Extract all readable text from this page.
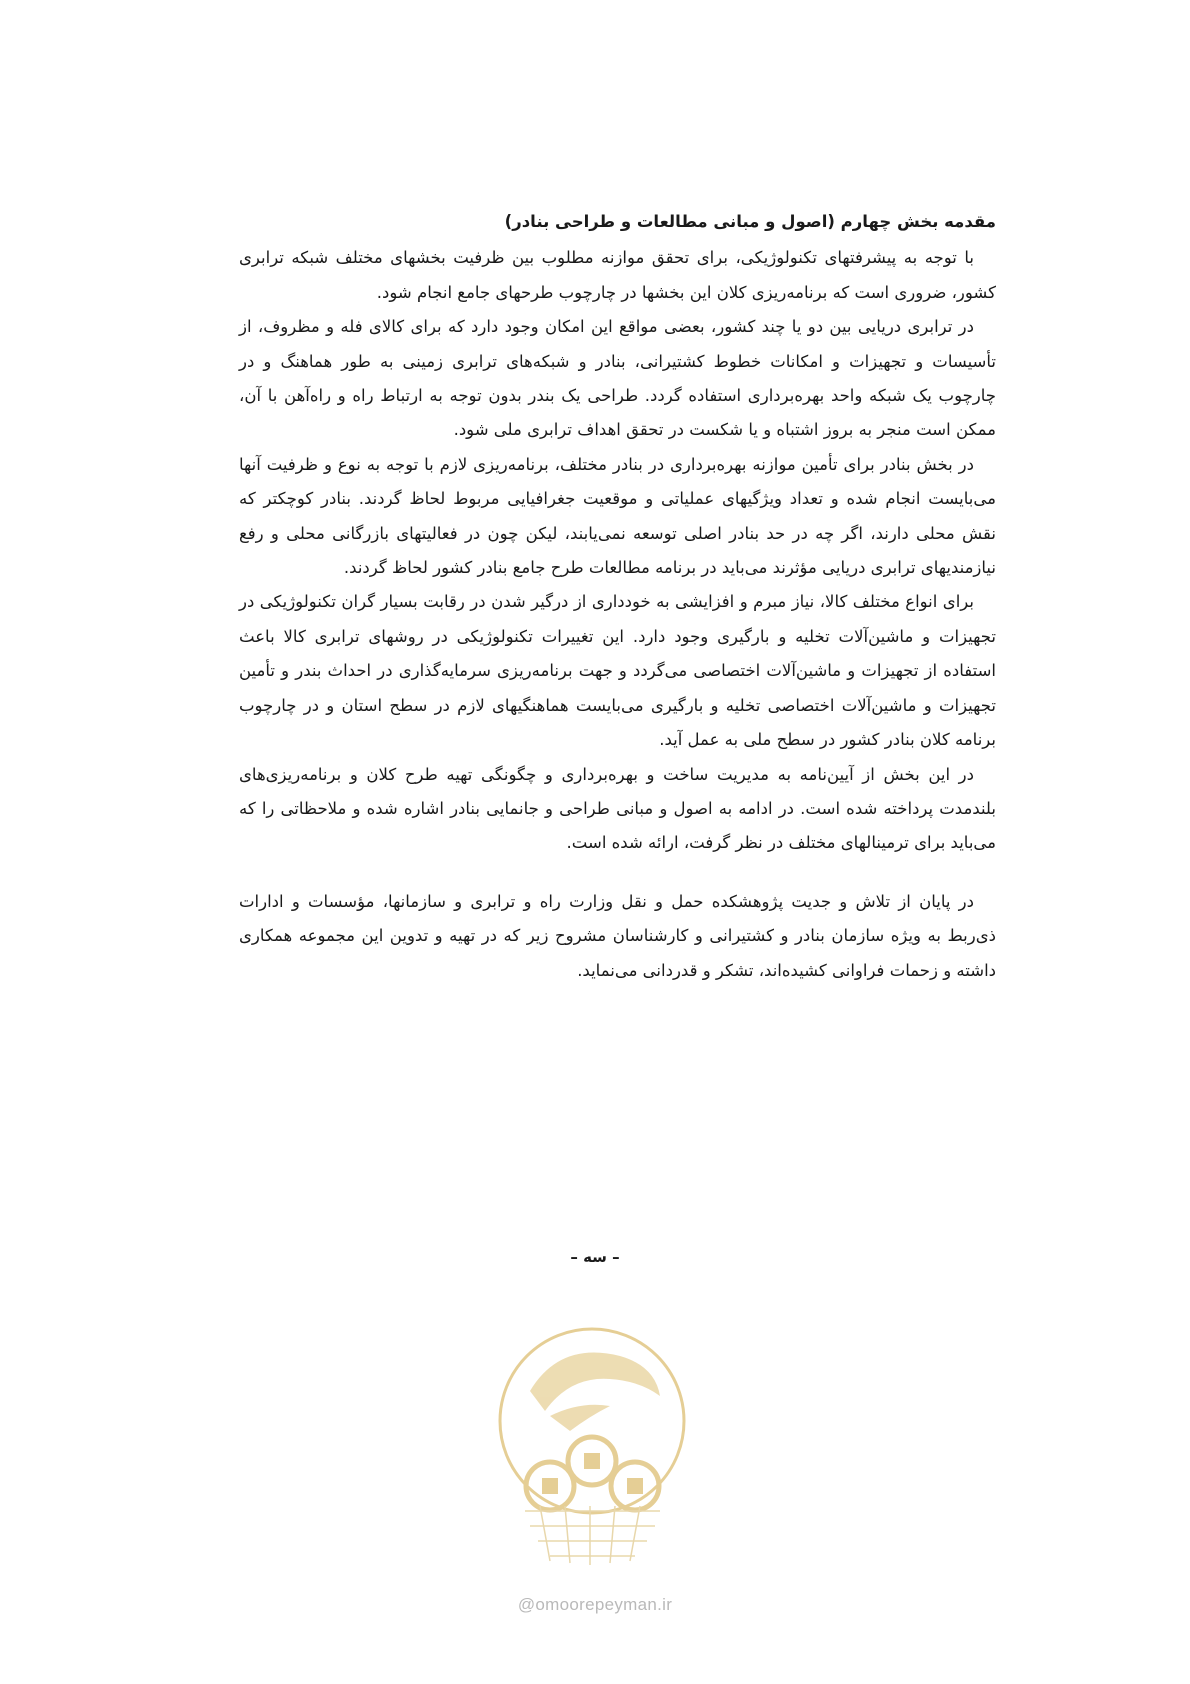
مقدمه بخش چهارم (اصول و مبانی مطالعات و طراحی بنادر)

با توجه به پیشرفتهای تکنولوژیکی، برای تحقق موازنه مطلوب بین ظرفیت بخشهای مختلف شبکه ترابری کشور، ضروری است که برنامه‌ریزی کلان این بخشها در چارچوب طرحهای جامع انجام شود.

در ترابری دریایی بین دو یا چند کشور، بعضی مواقع این امکان وجود دارد که برای کالای فله و مظروف، از تأسیسات و تجهیزات و امکانات خطوط کشتیرانی، بنادر و شبکه‌های ترابری زمینی به طور هماهنگ و در چارچوب یک شبکه واحد بهره‌برداری استفاده گردد. طراحی یک بندر بدون توجه به ارتباط راه و راه‌آهن با آن، ممکن است منجر به بروز اشتباه و یا شکست در تحقق اهداف ترابری ملی شود.

در بخش بنادر برای تأمین موازنه بهره‌برداری در بنادر مختلف، برنامه‌ریزی لازم با توجه به نوع و ظرفیت آنها می‌بایست انجام شده و تعداد ویژگیهای عملیاتی و موقعیت جغرافیایی مربوط لحاظ گردند. بنادر کوچکتر که نقش محلی دارند، اگر چه در حد بنادر اصلی توسعه نمی‌یابند، لیکن چون در فعالیتهای بازرگانی محلی و رفع نیازمندیهای ترابری دریایی مؤثرند می‌باید در برنامه مطالعات طرح جامع بنادر کشور لحاظ گردند.

برای انواع مختلف کالا، نیاز مبرم و افزایشی به خودداری از درگیر شدن در رقابت بسیار گران تکنولوژیکی در تجهیزات و ماشین‌آلات تخلیه و بارگیری وجود دارد. این تغییرات تکنولوژیکی در روشهای ترابری کالا باعث استفاده از تجهیزات و ماشین‌آلات اختصاصی می‌گردد و جهت برنامه‌ریزی سرمایه‌گذاری در احداث بندر و تأمین تجهیزات و ماشین‌آلات اختصاصی تخلیه و بارگیری می‌بایست هماهنگیهای لازم در سطح استان و در چارچوب برنامه کلان بنادر کشور در سطح ملی به عمل آید.

در این بخش از آیین‌نامه به مدیریت ساخت و بهره‌برداری و چگونگی تهیه طرح کلان و برنامه‌ریزی‌های بلندمدت پرداخته شده است. در ادامه به اصول و مبانی طراحی و جانمایی بنادر اشاره شده و ملاحظاتی را که می‌باید برای ترمینالهای مختلف در نظر گرفت، ارائه شده است.

در پایان از تلاش و جدیت پژوهشکده حمل و نقل وزارت راه و ترابری و سازمانها، مؤسسات و ادارات ذی‌ربط به ویژه سازمان بنادر و کشتیرانی و کارشناسان مشروح زیر که در تهیه و تدوین این مجموعه همکاری داشته و زحمات فراوانی کشیده‌اند، تشکر و قدردانی می‌نماید.

– سه –
@omoorepeyman.ir
